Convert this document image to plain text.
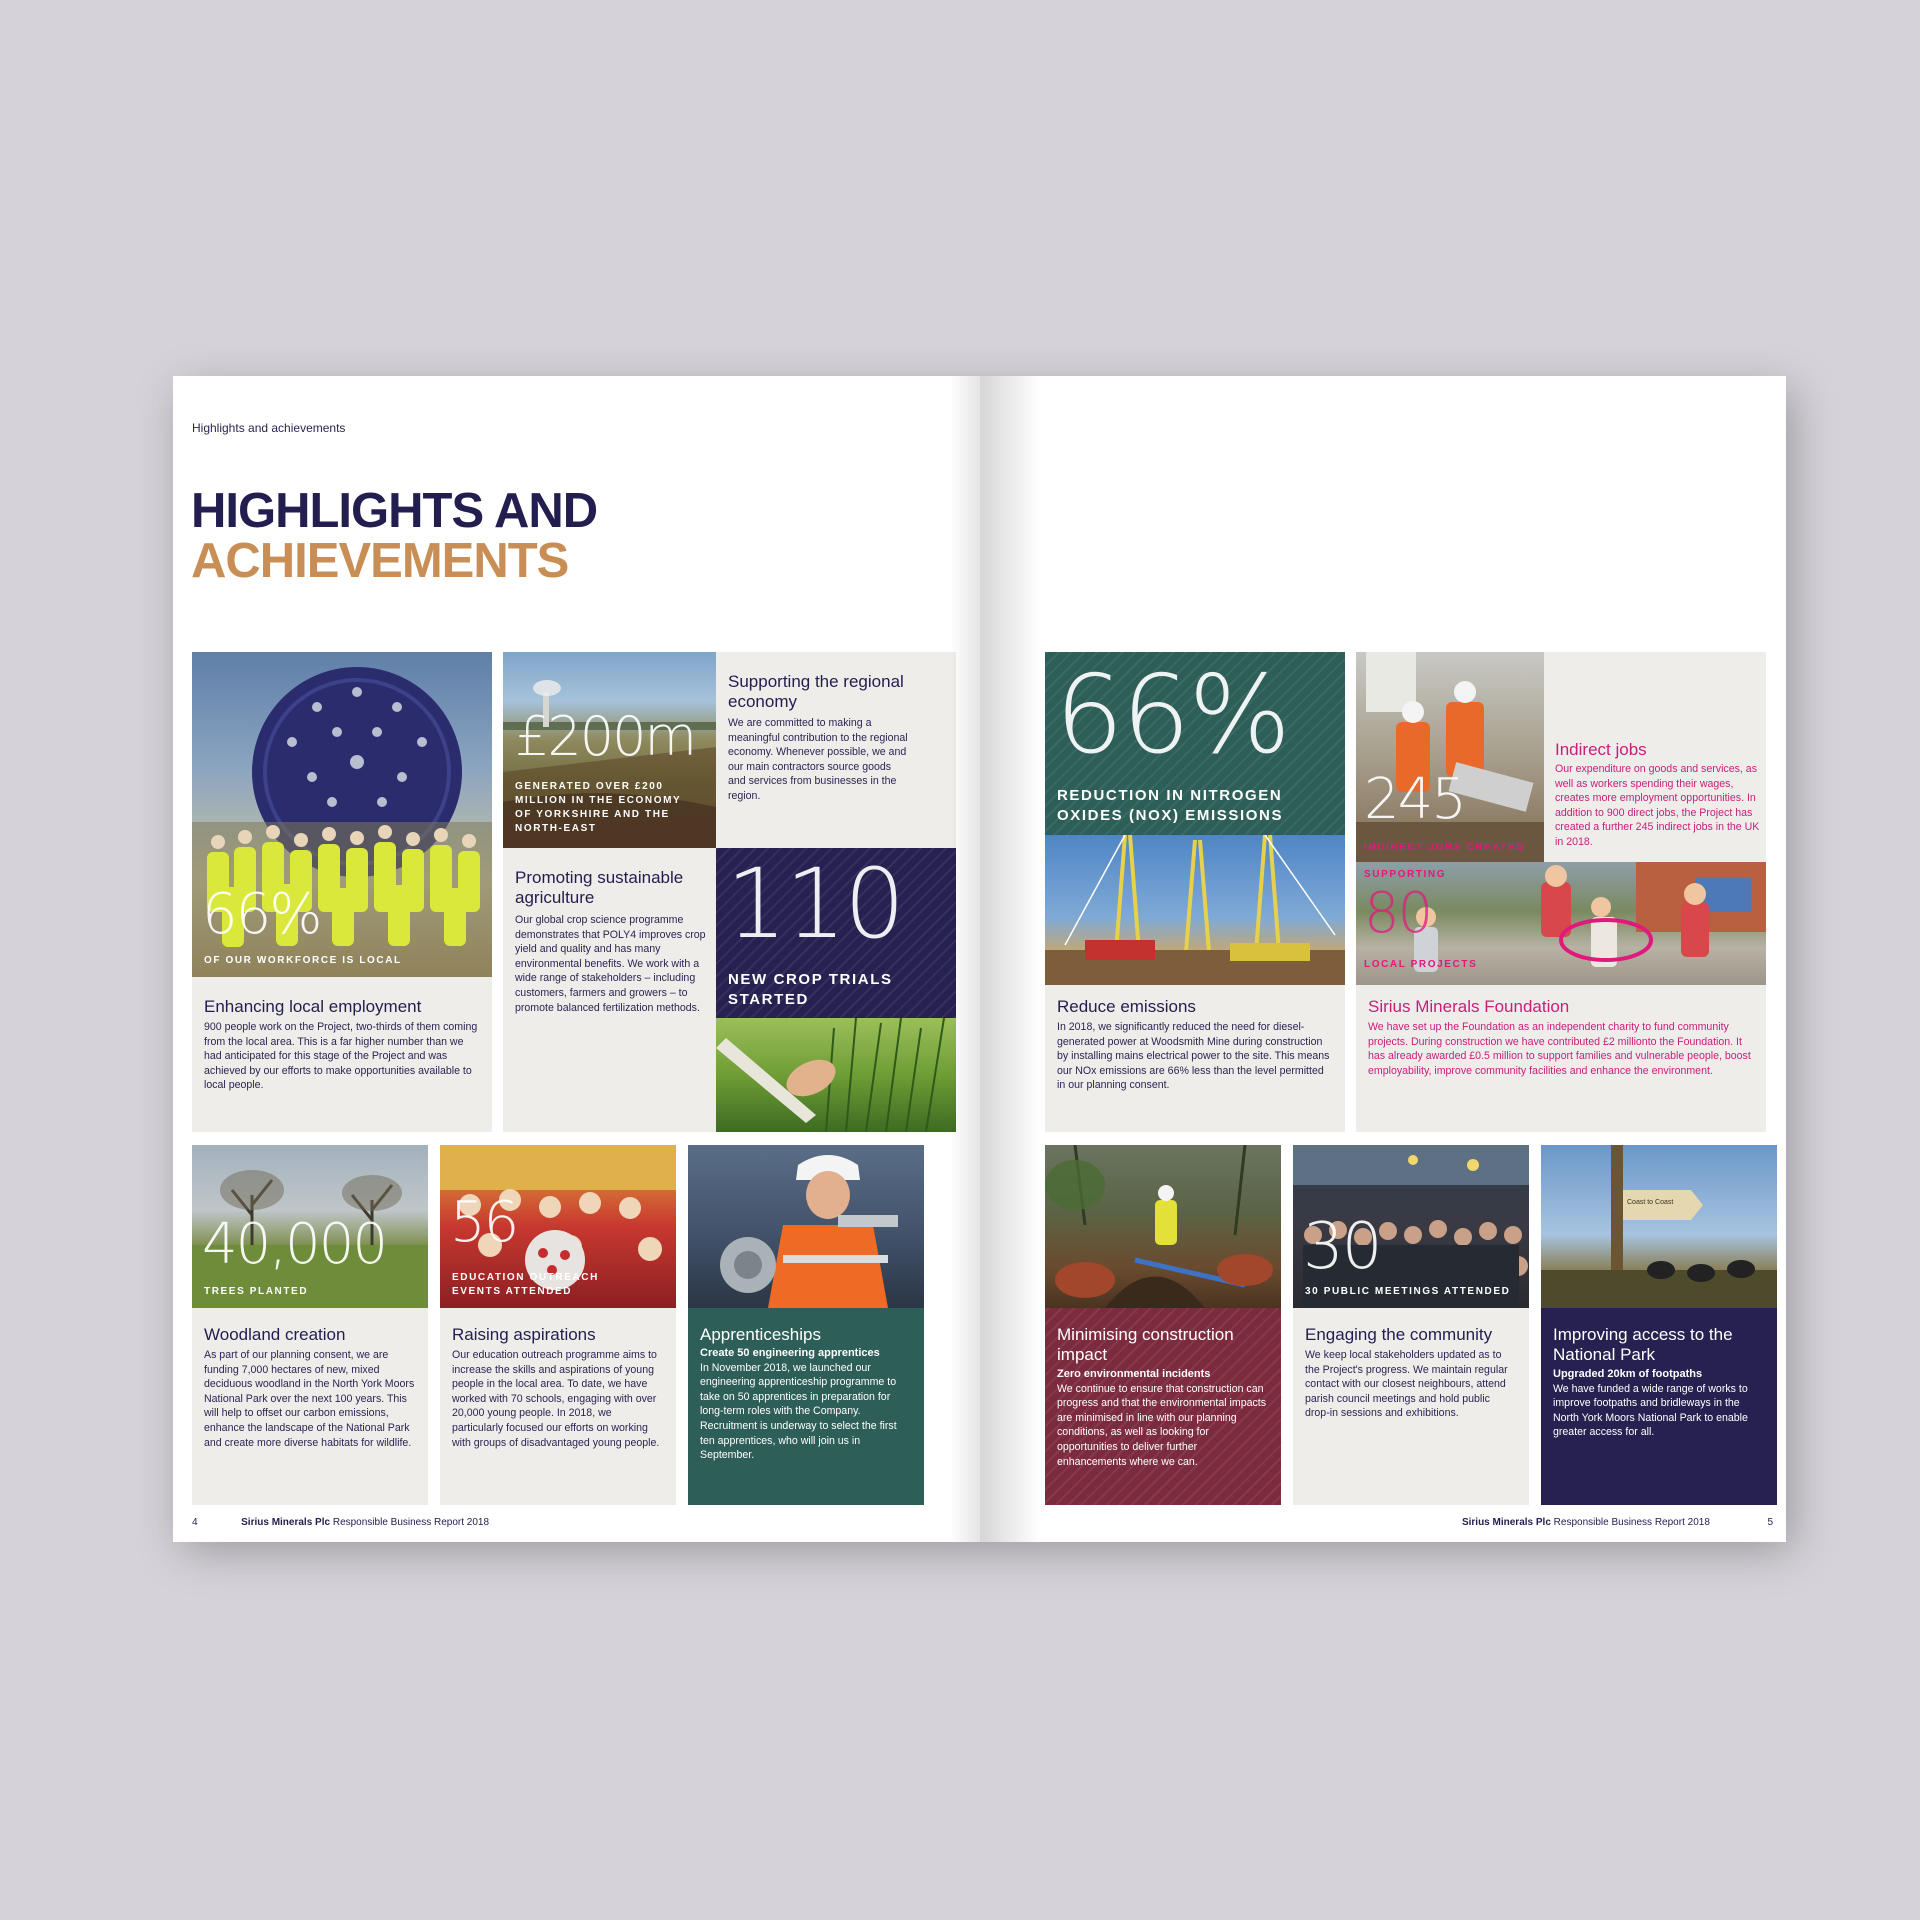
Highlights and achievements
HIGHLIGHTS AND
ACHIEVEMENTS
66%
OF OUR WORKFORCE IS LOCAL
Enhancing local employment
900 people work on the Project, two-thirds of them coming from the local area. This is a far higher number than we had anticipated for this stage of the Project and was achieved by our efforts to make opportunities available to local people.
£200m
GENERATED OVER £200 MILLION IN THE ECONOMY OF YORKSHIRE AND THE NORTH-EAST
Supporting the regional economy
We are committed to making a meaningful contribution to the regional economy. Whenever possible, we and our main contractors source goods and services from businesses in the region.
Promoting sustainable agriculture
Our global crop science programme demonstrates that POLY4 improves crop yield and quality and has many environmental benefits. We work with a wide range of stakeholders – including customers, farmers and growers – to promote balanced fertilization methods.
110
NEW CROP TRIALS STARTED
40,000
TREES PLANTED
Woodland creation
As part of our planning consent, we are funding 7,000 hectares of new, mixed deciduous woodland in the North York Moors National Park over the next 100 years. This will help to offset our carbon emissions, enhance the landscape of the National Park and create more diverse habitats for wildlife.
56
EDUCATION OUTREACH EVENTS ATTENDED
Raising aspirations
Our education outreach programme aims to increase the skills and aspirations of young people in the local area. To date, we have worked with 70 schools, engaging with over 20,000 young people. In 2018, we particularly focused our efforts on working with groups of disadvantaged young people.
Apprenticeships
Create 50 engineering apprentices
In November 2018, we launched our engineering apprenticeship programme to take on 50 apprentices in preparation for long-term roles with the Company. Recruitment is underway to select the first ten apprentices, who will join us in September.
4	Sirius Minerals Plc Responsible Business Report 2018
66%
REDUCTION IN NITROGEN OXIDES (NOX) EMISSIONS
Reduce emissions
In 2018, we significantly reduced the need for diesel-generated power at Woodsmith Mine during construction by installing mains electrical power to the site. This means our NOx emissions are 66% less than the level permitted in our planning consent.
245
INDIRECT JOBS CREATED
Indirect jobs
Our expenditure on goods and services, as well as workers spending their wages, creates more employment opportunities. In addition to 900 direct jobs, the Project has created a further 245 indirect jobs in the UK in 2018.
SUPPORTING
80
LOCAL PROJECTS
Sirius Minerals Foundation
We have set up the Foundation as an independent charity to fund community projects. During construction we have contributed £2 millionto the Foundation. It has already awarded £0.5 million to support families and vulnerable people, boost employability, improve community facilities and enhance the environment.
Minimising construction impact
Zero environmental incidents
We continue to ensure that construction can progress and that the environmental impacts are minimised in line with our planning conditions, as well as looking for opportunities to deliver further enhancements where we can.
30
30 PUBLIC MEETINGS ATTENDED
Engaging the community
We keep local stakeholders updated as to the Project's progress. We maintain regular contact with our closest neighbours, attend parish council meetings and hold public drop-in sessions and exhibitions.
Coast to Coast
Improving access to the National Park
Upgraded 20km of footpaths
We have funded a wide range of works to improve footpaths and bridleways in the North York Moors National Park to enable greater access for all.
Sirius Minerals Plc Responsible Business Report 2018	5
